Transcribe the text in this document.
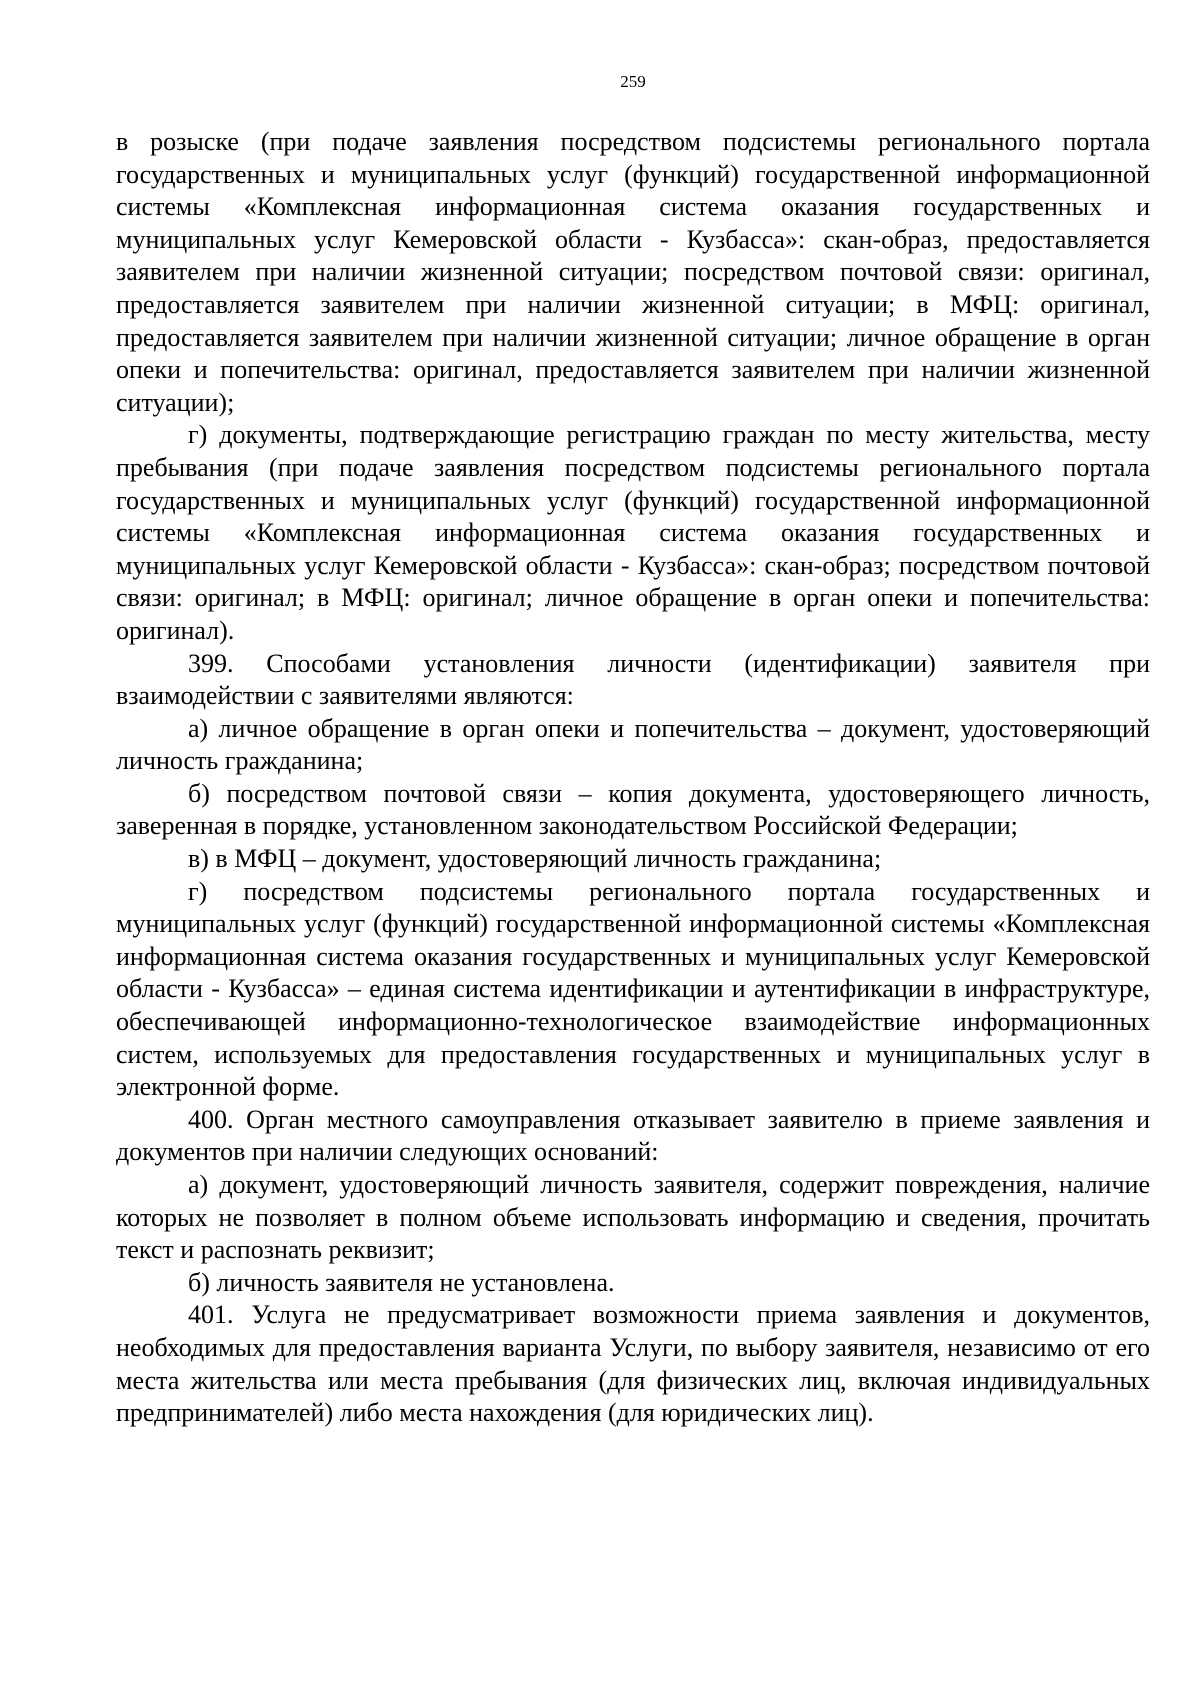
259

в розыске (при подаче заявления посредством подсистемы регионального портала государственных и муниципальных услуг (функций) государственной информационной системы «Комплексная информационная система оказания государственных и муниципальных услуг Кемеровской области - Кузбасса»: скан-образ, предоставляется заявителем при наличии жизненной ситуации; посредством почтовой связи: оригинал, предоставляется заявителем при наличии жизненной ситуации; в МФЦ: оригинал, предоставляется заявителем при наличии жизненной ситуации; личное обращение в орган опеки и попечительства: оригинал, предоставляется заявителем при наличии жизненной ситуации);

г) документы, подтверждающие регистрацию граждан по месту жительства, месту пребывания (при подаче заявления посредством подсистемы регионального портала государственных и муниципальных услуг (функций) государственной информационной системы «Комплексная информационная система оказания государственных и муниципальных услуг Кемеровской области - Кузбасса»: скан-образ; посредством почтовой связи: оригинал; в МФЦ: оригинал; личное обращение в орган опеки и попечительства: оригинал).

399. Способами установления личности (идентификации) заявителя при взаимодействии с заявителями являются:

а) личное обращение в орган опеки и попечительства – документ, удостоверяющий личность гражданина;

б) посредством почтовой связи – копия документа, удостоверяющего личность, заверенная в порядке, установленном законодательством Российской Федерации;

в) в МФЦ – документ, удостоверяющий личность гражданина;

г) посредством подсистемы регионального портала государственных и муниципальных услуг (функций) государственной информационной системы «Комплексная информационная система оказания государственных и муниципальных услуг Кемеровской области - Кузбасса» – единая система идентификации и аутентификации в инфраструктуре, обеспечивающей информационно-технологическое взаимодействие информационных систем, используемых для предоставления государственных и муниципальных услуг в электронной форме.

400. Орган местного самоуправления отказывает заявителю в приеме заявления и документов при наличии следующих оснований:

а) документ, удостоверяющий личность заявителя, содержит повреждения, наличие которых не позволяет в полном объеме использовать информацию и сведения, прочитать текст и распознать реквизит;

б) личность заявителя не установлена.

401. Услуга не предусматривает возможности приема заявления и документов, необходимых для предоставления варианта Услуги, по выбору заявителя, независимо от его места жительства или места пребывания (для физических лиц, включая индивидуальных предпринимателей) либо места нахождения (для юридических лиц).
